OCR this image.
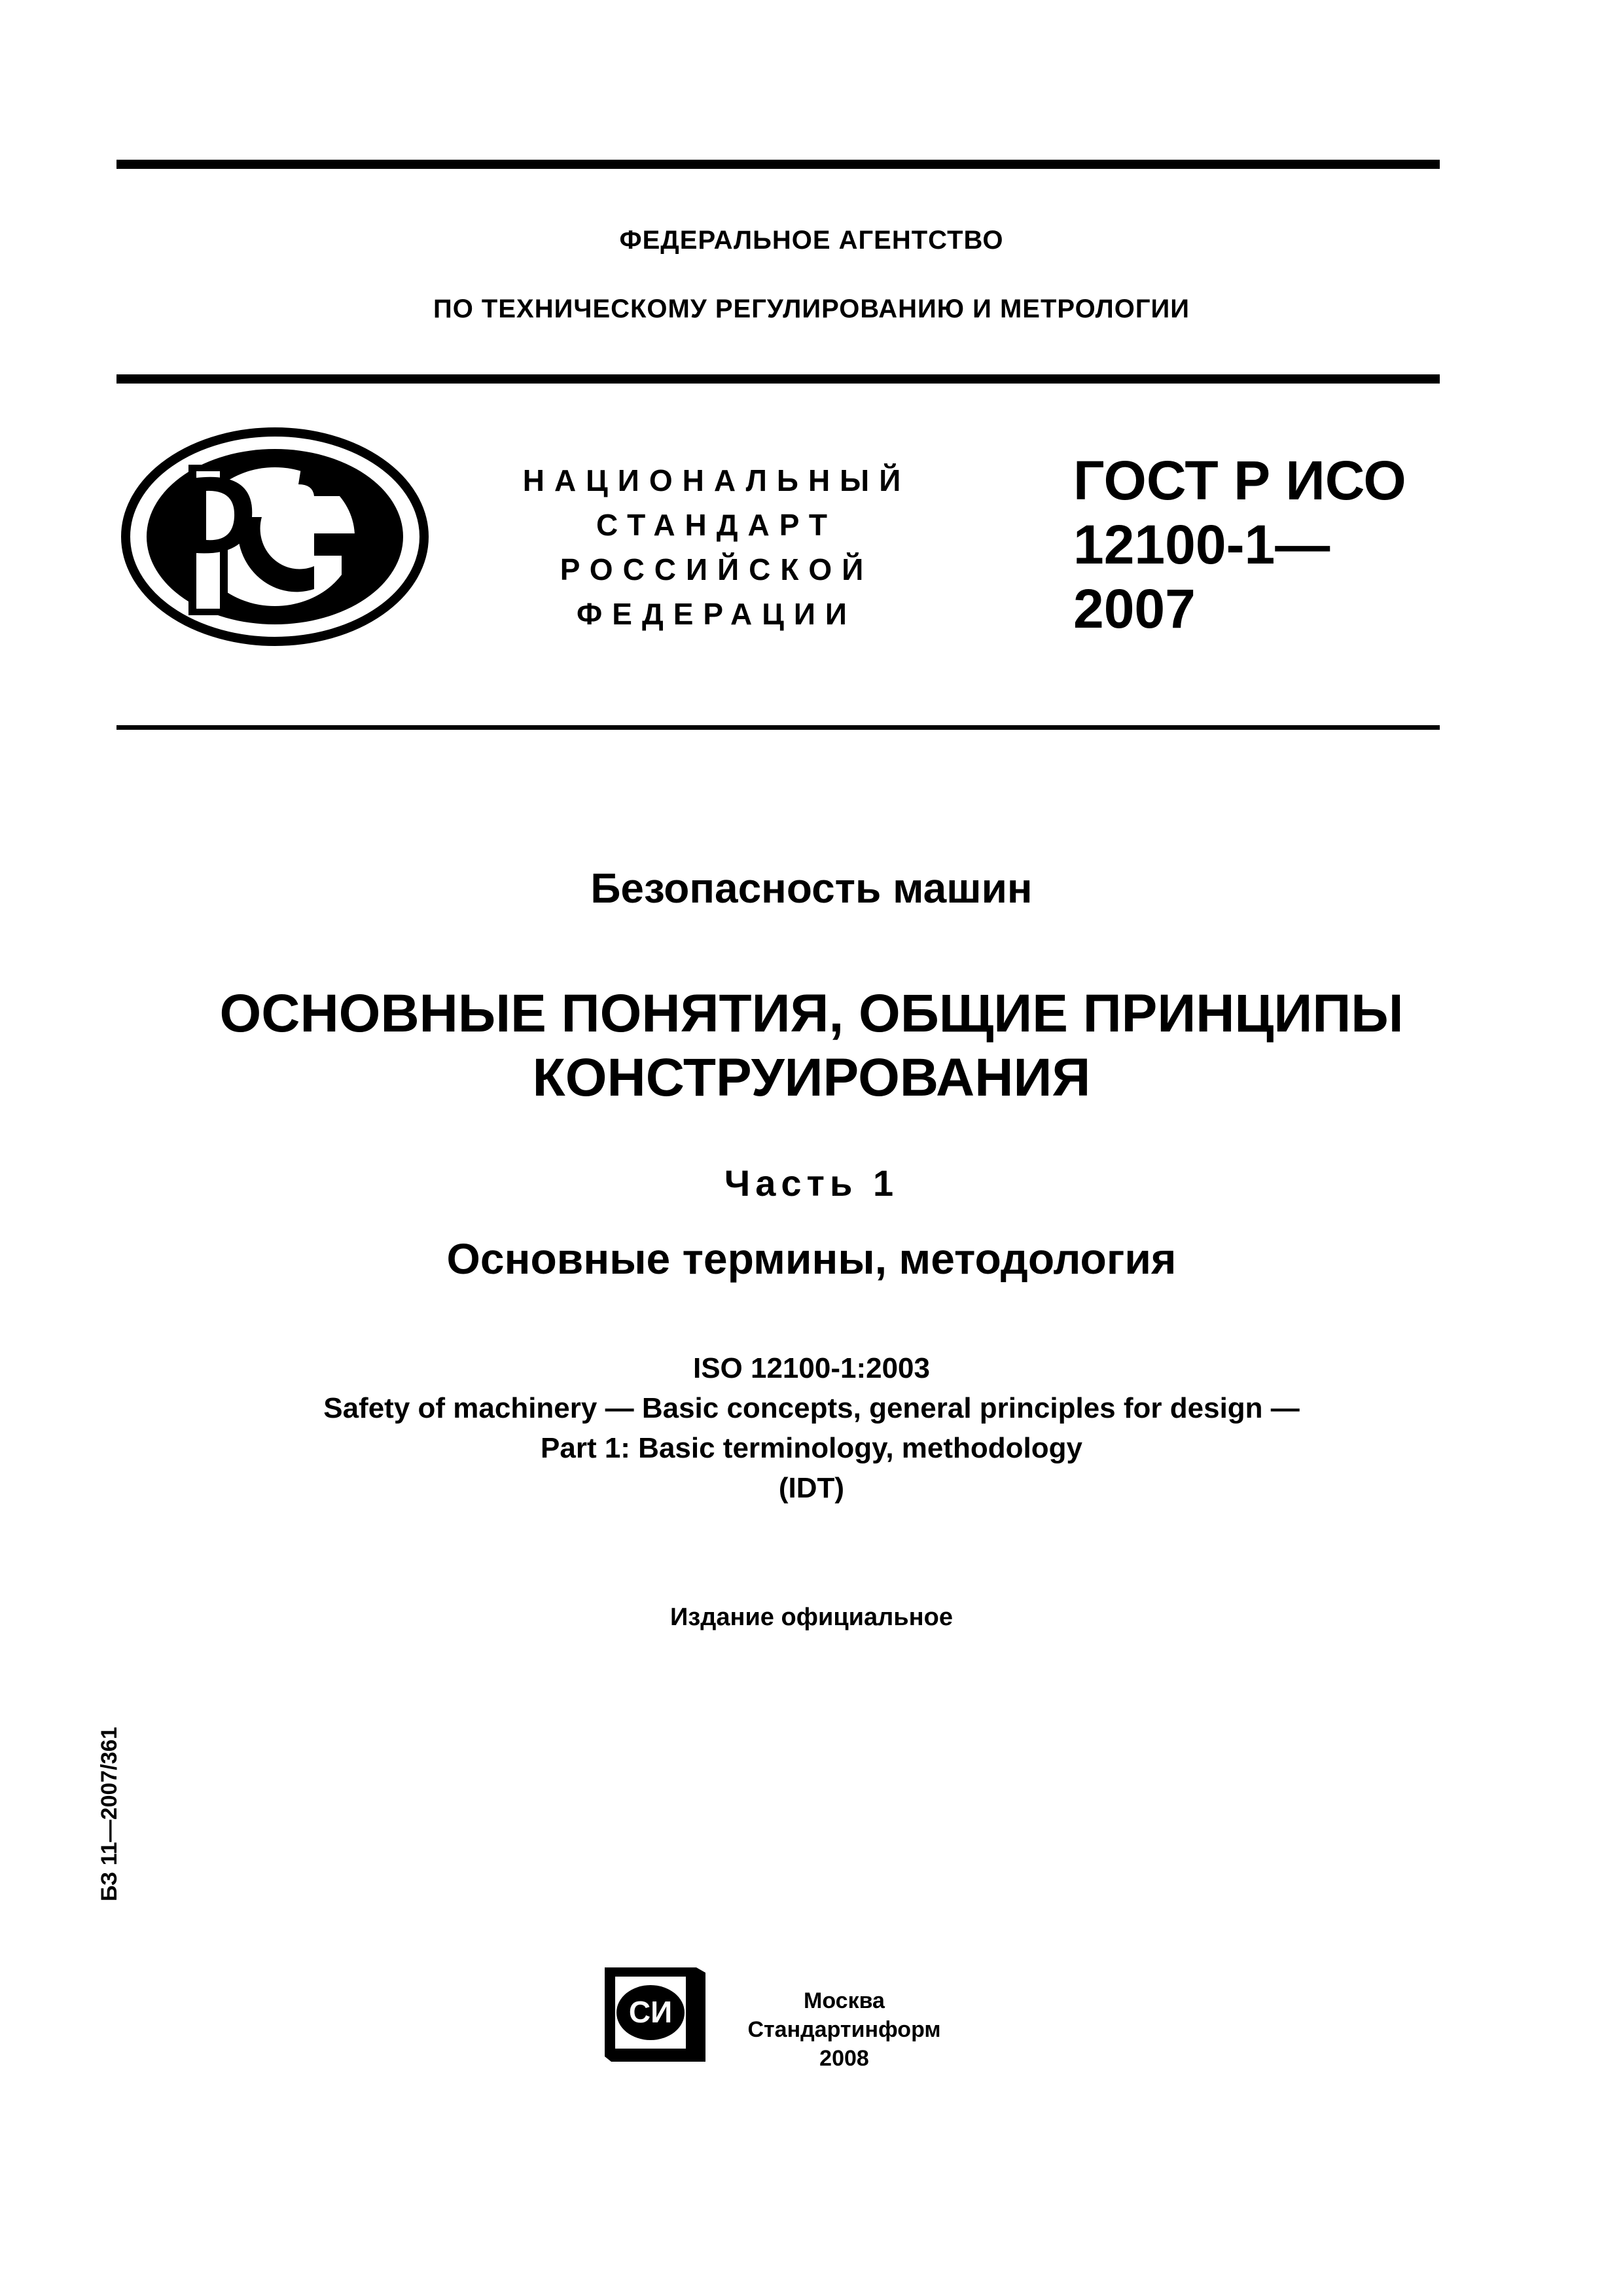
ФЕДЕРАЛЬНОЕ АГЕНТСТВО
ПО ТЕХНИЧЕСКОМУ РЕГУЛИРОВАНИЮ И МЕТРОЛОГИИ
НАЦИОНАЛЬНЫЙ
СТАНДАРТ
РОССИЙСКОЙ
ФЕДЕРАЦИИ
ГОСТ Р ИСО
12100-1—
2007
Безопасность машин
ОСНОВНЫЕ ПОНЯТИЯ, ОБЩИЕ ПРИНЦИПЫ
КОНСТРУИРОВАНИЯ
Часть 1
Основные термины, методология
ISO 12100-1:2003
Safety of machinery — Basic concepts, general principles for design —
Part 1: Basic terminology, methodology
(IDT)
Издание официальное
БЗ 11—2007/361
СИ	Москва
Стандартинформ
2008
